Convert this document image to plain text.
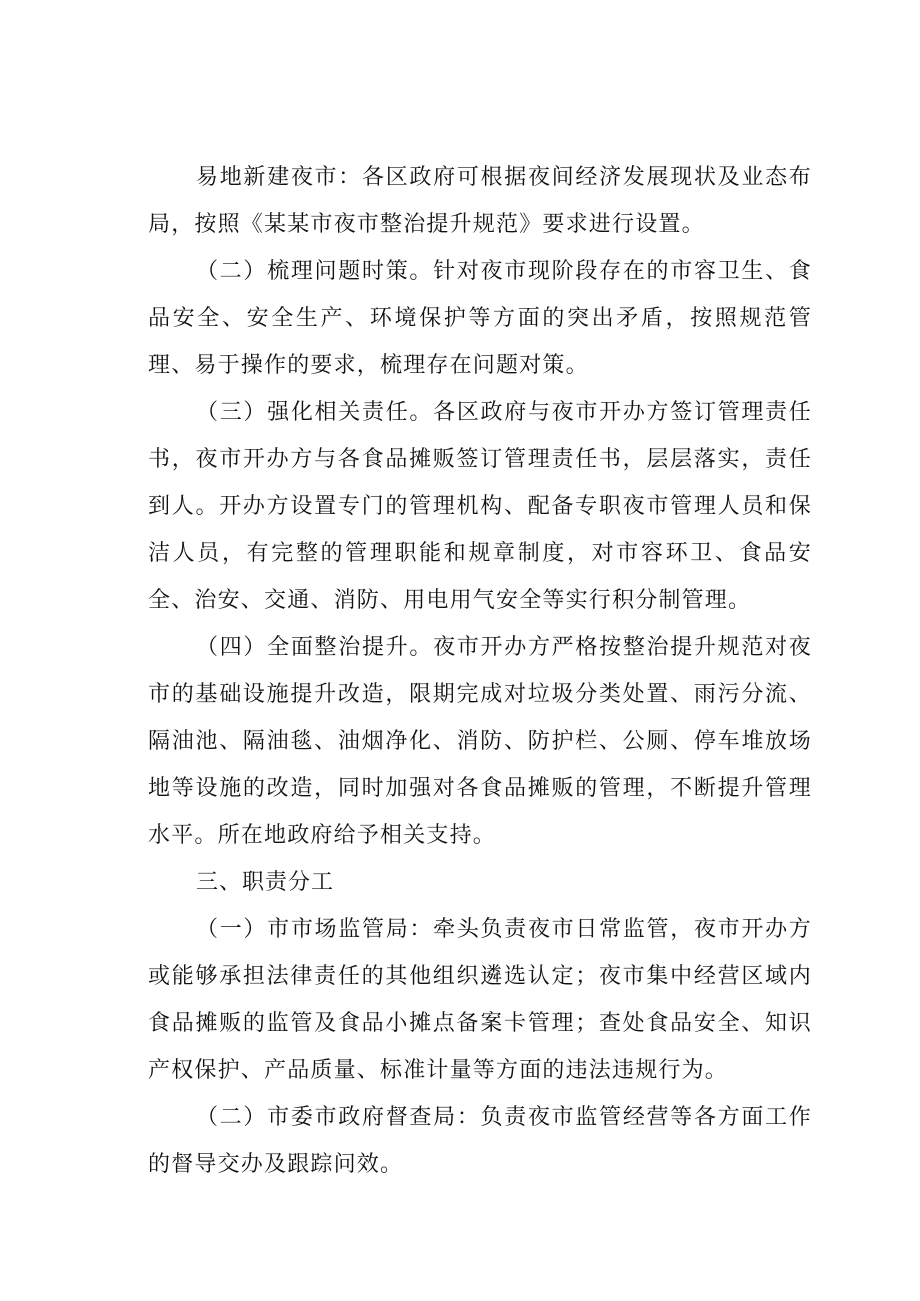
易地新建夜市：各区政府可根据夜间经济发展现状及业态布局，按照《某某市夜市整治提升规范》要求进行设置。

（二）梳理问题时策。针对夜市现阶段存在的市容卫生、食品安全、安全生产、环境保护等方面的突出矛盾，按照规范管理、易于操作的要求，梳理存在问题对策。

（三）强化相关责任。各区政府与夜市开办方签订管理责任书，夜市开办方与各食品摊贩签订管理责任书，层层落实，责任到人。开办方设置专门的管理机构、配备专职夜市管理人员和保洁人员，有完整的管理职能和规章制度，对市容环卫、食品安全、治安、交通、消防、用电用气安全等实行积分制管理。

（四）全面整治提升。夜市开办方严格按整治提升规范对夜市的基础设施提升改造，限期完成对垃圾分类处置、雨污分流、隔油池、隔油毯、油烟净化、消防、防护栏、公厕、停车堆放场地等设施的改造，同时加强对各食品摊贩的管理，不断提升管理水平。所在地政府给予相关支持。

三、职责分工

（一）市市场监管局：牵头负责夜市日常监管，夜市开办方或能够承担法律责任的其他组织遴选认定；夜市集中经营区域内食品摊贩的监管及食品小摊点备案卡管理；查处食品安全、知识产权保护、产品质量、标准计量等方面的违法违规行为。

（二）市委市政府督查局：负责夜市监管经营等各方面工作的督导交办及跟踪问效。
